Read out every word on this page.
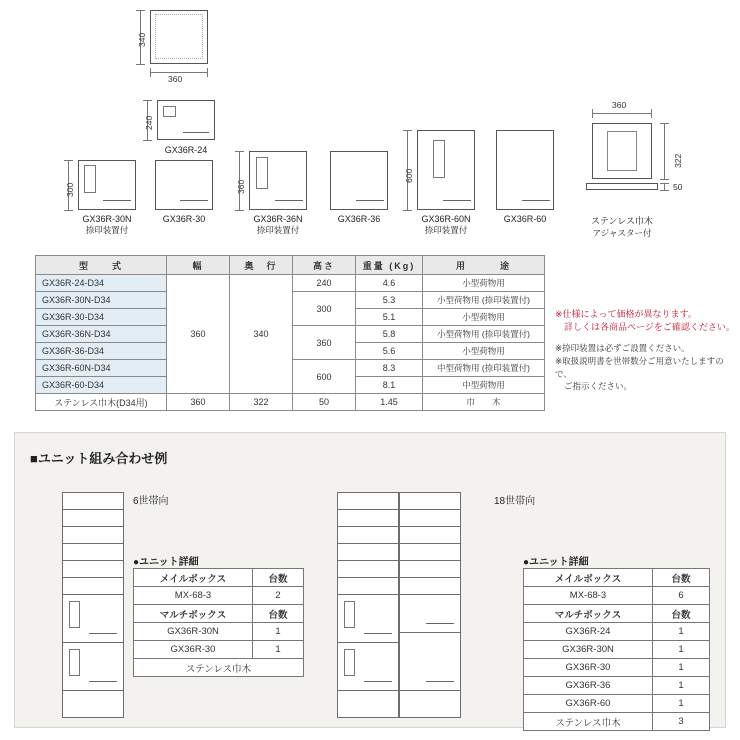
340
360
240
GX36R-24
300
GX36R-30N
捺印装置付
GX36R-30
360
GX36R-36N
捺印装置付
GX36R-36
600
GX36R-60N
捺印装置付
GX36R-60
360
322
50
ステンレス巾木
アジャスター付
型　　式	幅	奥　行	高さ	重量 (Kg)	用　　　途
GX36R-24-D34	360	340	240	4.6	小型荷物用
GX36R-30N-D34			300	5.3	小型荷物用 (捺印装置付)
GX36R-30-D34				5.1	小型荷物用
GX36R-36N-D34			360	5.8	小型荷物用 (捺印装置付)
GX36R-36-D34				5.6	小型荷物用
GX36R-60N-D34			600	8.3	中型荷物用 (捺印装置付)
GX36R-60-D34				8.1	中型荷物用
ステンレス巾木(D34用)	360	322	50	1.45	巾　　木
※仕様によって価格が異なります。
詳しくは各商品ページをご確認ください。
※捺印装置は必ずご設置ください。
※取扱説明書を世帯数分ご用意いたしますので、
ご指示ください。
■ユニット組み合わせ例
6世帯向
●ユニット詳細
メイルボックス	台数
MX-68-3	2
マルチボックス	台数
GX36R-30N	1
GX36R-30	1
ステンレス巾木	
18世帯向
●ユニット詳細
メイルボックス	台数
MX-68-3	6
マルチボックス	台数
GX36R-24	1
GX36R-30N	1
GX36R-30	1
GX36R-36	1
GX36R-60	1
ステンレス巾木	3
